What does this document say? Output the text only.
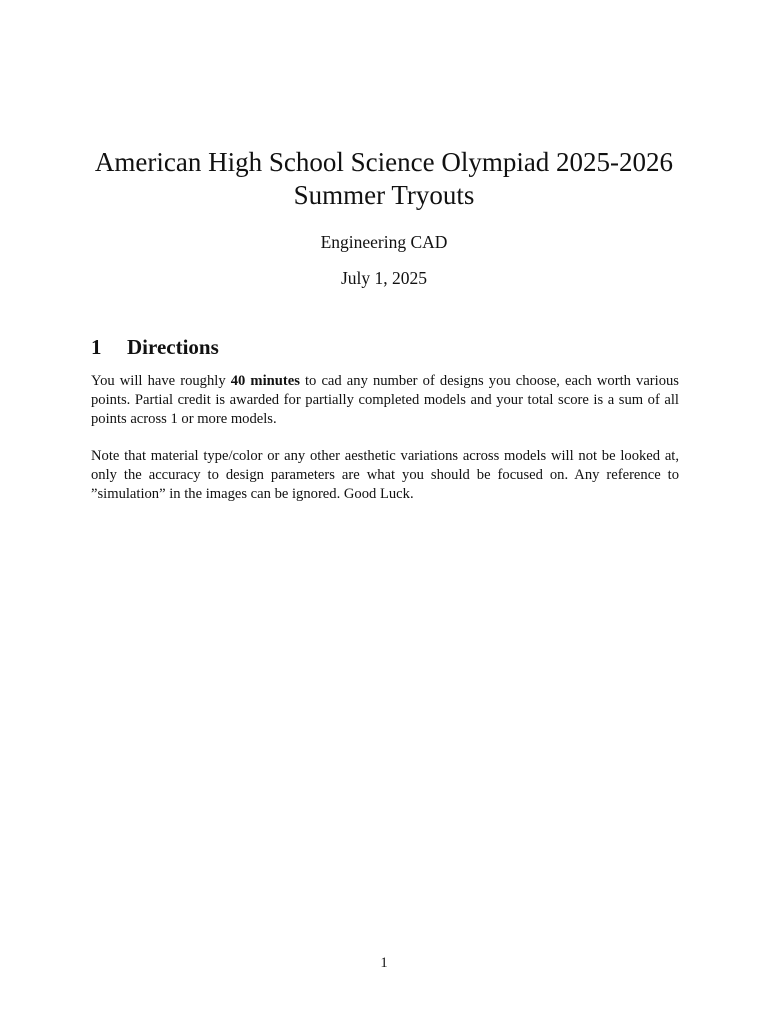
American High School Science Olympiad 2025-2026

Summer Tryouts

Engineering CAD

July 1, 2025

1	Directions

You will have roughly 40 minutes to cad any number of designs you choose, each worth various points. Partial credit is awarded for partially completed models and your total score is a sum of all points across 1 or more models.

Note that material type/color or any other aesthetic variations across models will not be looked at, only the accuracy to design parameters are what you should be focused on. Any reference to ”simulation” in the images can be ignored. Good Luck.

1
